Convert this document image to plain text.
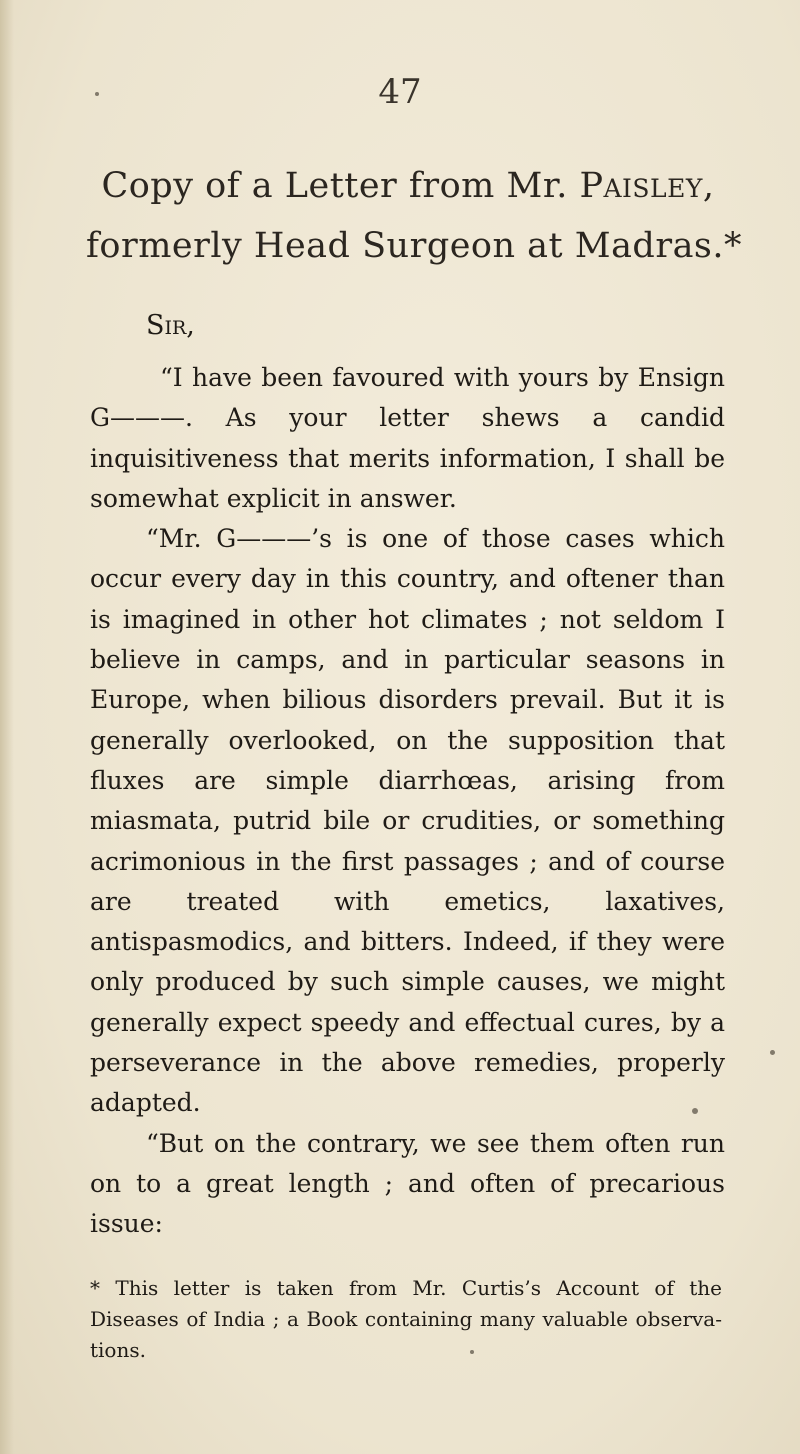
47
Copy of a Letter from Mr. Paisley,
formerly Head Surgeon at Madras.*
Sir,

“I have been favoured with yours by Ensign G———. As your letter shews a candid inquisitiveness that merits information, I shall be somewhat explicit in answer.

“Mr. G———’s is one of those cases which occur every day in this country, and oftener than is imagined in other hot climates ; not seldom I believe in camps, and in particular seasons in Europe, when bilious disorders prevail. But it is generally overlooked, on the supposition that fluxes are simple diarrhœas, arising from miasmata, putrid bile or crudities, or something acrimonious in the first passages ; and of course are treated with emetics, laxatives, antispasmodics, and bitters. Indeed, if they were only produced by such simple causes, we might generally expect speedy and effectual cures, by a perseverance in the above remedies, properly adapted.

“But on the contrary, we see them often run on to a great length ; and often of precarious issue:

* This letter is taken from Mr. Curtis’s Account of the Diseases of India ; a Book containing many valuable observations.
